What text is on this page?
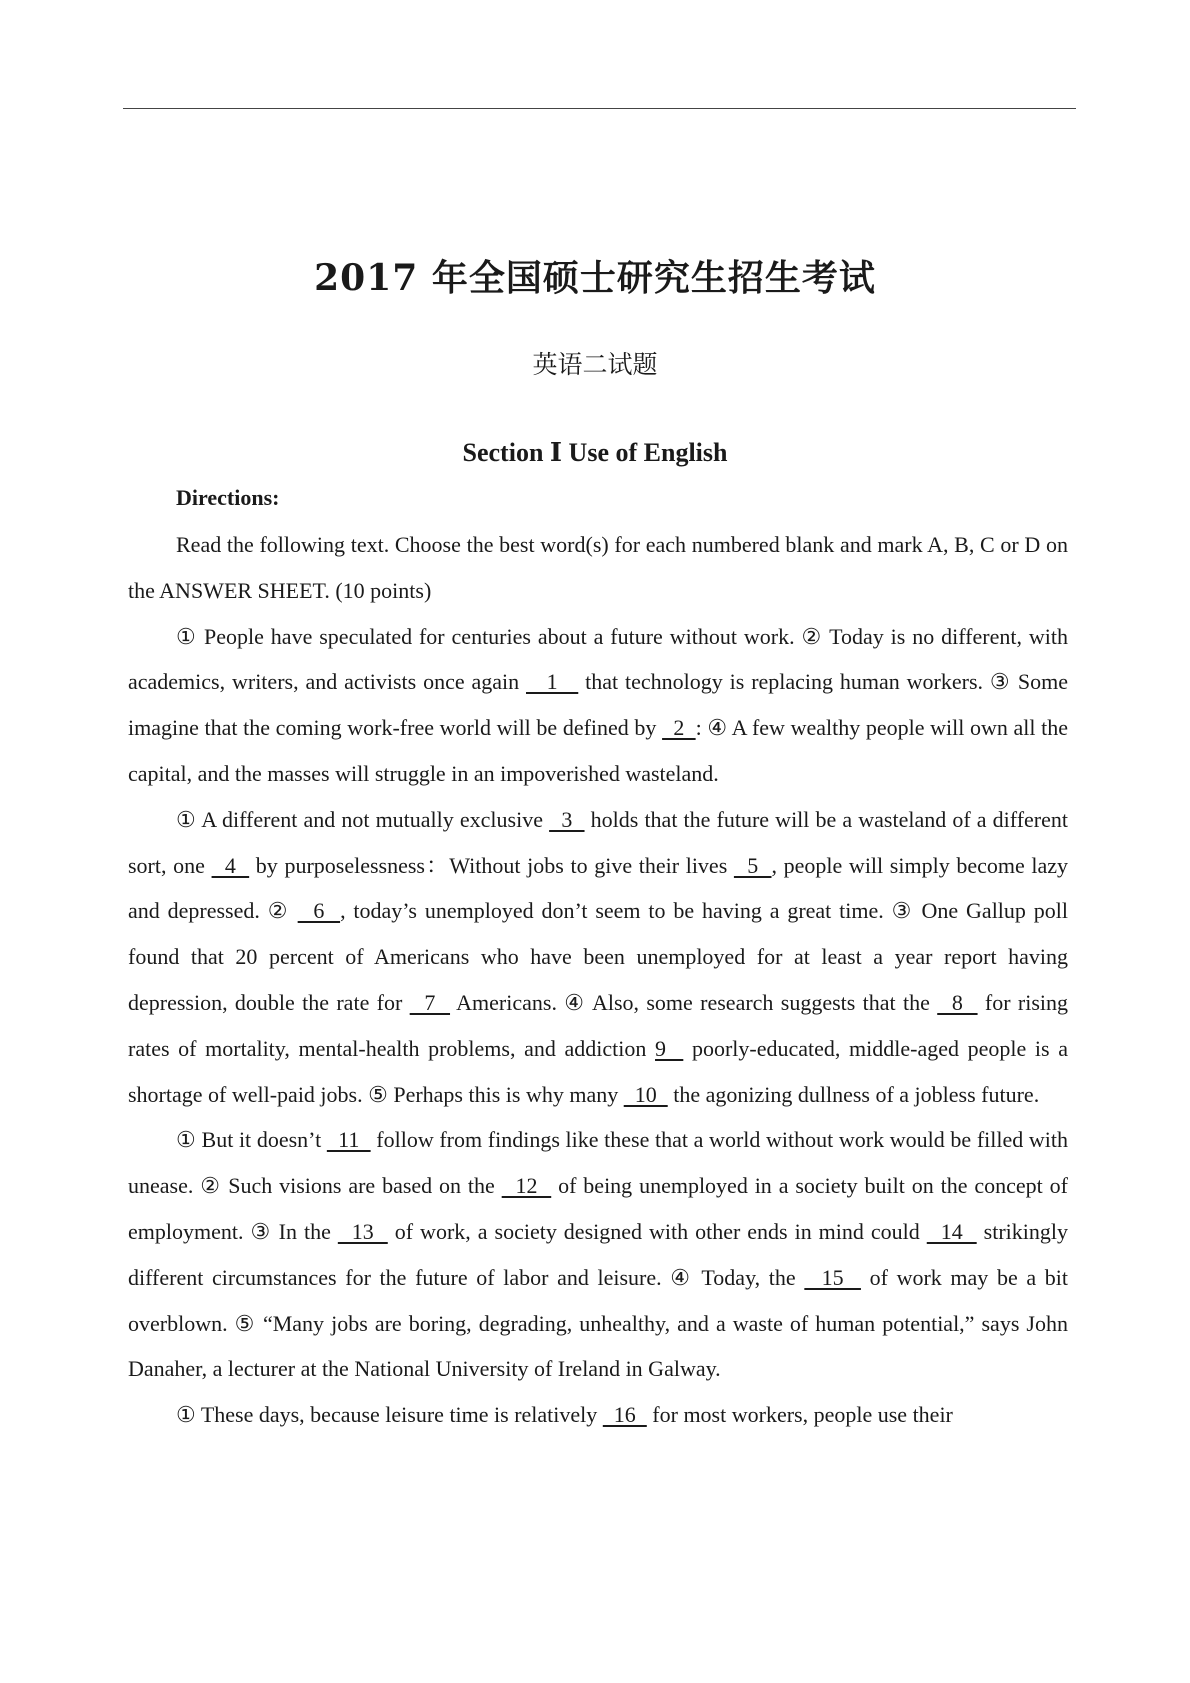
2017 年全国硕士研究生招生考试
英语二试题
Section Ⅰ Use of English
Directions:

Read the following text. Choose the best word(s) for each numbered blank and mark A, B, C or D on the ANSWER SHEET. (10 points)

① People have speculated for centuries about a future without work. ② Today is no different, with academics, writers, and activists once again    1    that technology is replacing human workers. ③ Some imagine that the coming work-free world will be defined by   2  : ④ A few wealthy people will own all the capital, and the masses will struggle in an impoverished wasteland.

① A different and not mutually exclusive   3   holds that the future will be a wasteland of a different sort, one   4   by purposelessness：Without jobs to give their lives   5  , people will simply become lazy and depressed. ②   6  , today’s unemployed don’t seem to be having a great time. ③ One Gallup poll found that 20 percent of Americans who have been unemployed for at least a year report having depression, double the rate for   7   Americans. ④ Also, some research suggests that the   8   for rising rates of mortality, mental-health problems, and addiction 9   poorly-educated, middle-aged people is a shortage of well-paid jobs. ⑤ Perhaps this is why many   10   the agonizing dullness of a jobless future.

① But it doesn’t   11   follow from findings like these that a world without work would be filled with unease. ② Such visions are based on the   12   of being unemployed in a society built on the concept of employment. ③ In the   13   of work, a society designed with other ends in mind could   14   strikingly different circumstances for the future of labor and leisure. ④ Today, the   15   of work may be a bit overblown. ⑤ “Many jobs are boring, degrading, unhealthy, and a waste of human potential,” says John Danaher, a lecturer at the National University of Ireland in Galway.

① These days, because leisure time is relatively   16   for most workers, people use their
